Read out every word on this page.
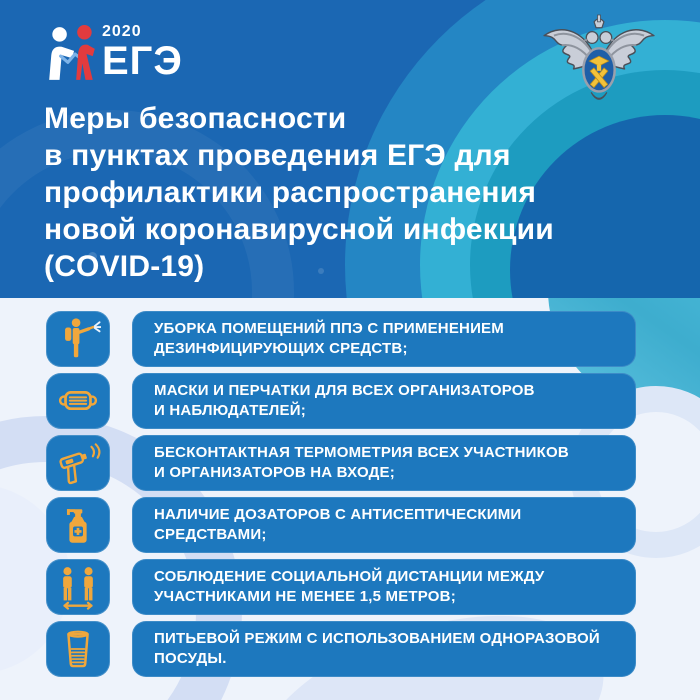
2020
ЕГЭ
Меры безопасности
в пунктах проведения ЕГЭ для
профилактики распространения
новой коронавирусной инфекции
(COVID-19)
УБОРКА ПОМЕЩЕНИЙ ППЭ С ПРИМЕНЕНИЕМ
ДЕЗИНФИЦИРУЮЩИХ СРЕДСТВ;
МАСКИ И ПЕРЧАТКИ ДЛЯ ВСЕХ ОРГАНИЗАТОРОВ
И НАБЛЮДАТЕЛЕЙ;
БЕСКОНТАКТНАЯ ТЕРМОМЕТРИЯ ВСЕХ УЧАСТНИКОВ
И ОРГАНИЗАТОРОВ НА ВХОДЕ;
НАЛИЧИЕ ДОЗАТОРОВ С АНТИСЕПТИЧЕСКИМИ
СРЕДСТВАМИ;
СОБЛЮДЕНИЕ СОЦИАЛЬНОЙ ДИСТАНЦИИ МЕЖДУ
УЧАСТНИКАМИ НЕ МЕНЕЕ 1,5 МЕТРОВ;
ПИТЬЕВОЙ РЕЖИМ С ИСПОЛЬЗОВАНИЕМ ОДНОРАЗОВОЙ
ПОСУДЫ.
